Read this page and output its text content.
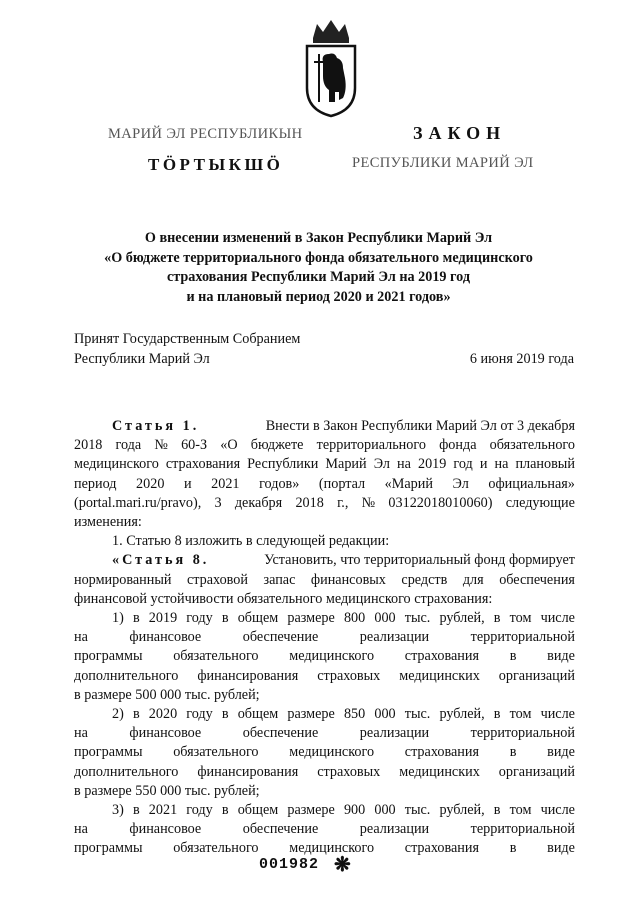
МАРИЙ ЭЛ РЕСПУБЛИКЫН	ЗАКОН
ТӦРТЫКШӦ	РЕСПУБЛИКИ МАРИЙ ЭЛ
О внесении изменений в Закон Республики Марий Эл
«О бюджете территориального фонда обязательного медицинского
страхования Республики Марий Эл на 2019 год
и на плановый период 2020 и 2021 годов»
Принят Государственным Собранием
Республики Марий Эл	6 июня 2019 года
Статья 1.	Внести в Закон Республики Марий Эл от 3 декабря
2018 года № 60-З «О бюджете территориального фонда обязательного
медицинского страхования Республики Марий Эл на 2019 год и на плановый
период 2020 и 2021 годов» (портал «Марий Эл официальная»
(portal.mari.ru/pravo), 3 декабря 2018 г., № 03122018010060) следующие
изменения:
1. Статью 8 изложить в следующей редакции:
«Статья 8.	Установить, что территориальный фонд формирует
нормированный страховой запас финансовых средств для обеспечения
финансовой устойчивости обязательного медицинского страхования:
1) в 2019 году в общем размере 800 000 тыс. рублей, в том числе
на	финансовое	обеспечение	реализации	территориальной
программы обязательного медицинского страхования в виде
дополнительного финансирования страховых медицинских организаций
в размере 500 000 тыс. рублей;
2) в 2020 году в общем размере 850 000 тыс. рублей, в том числе
на	финансовое	обеспечение	реализации	территориальной
программы обязательного медицинского страхования в виде
дополнительного финансирования страховых медицинских организаций
в размере 550 000 тыс. рублей;
3) в 2021 году в общем размере 900 000 тыс. рублей, в том числе
на	финансовое	обеспечение	реализации	территориальной
программы обязательного медицинского страхования в виде
001982 ❋
